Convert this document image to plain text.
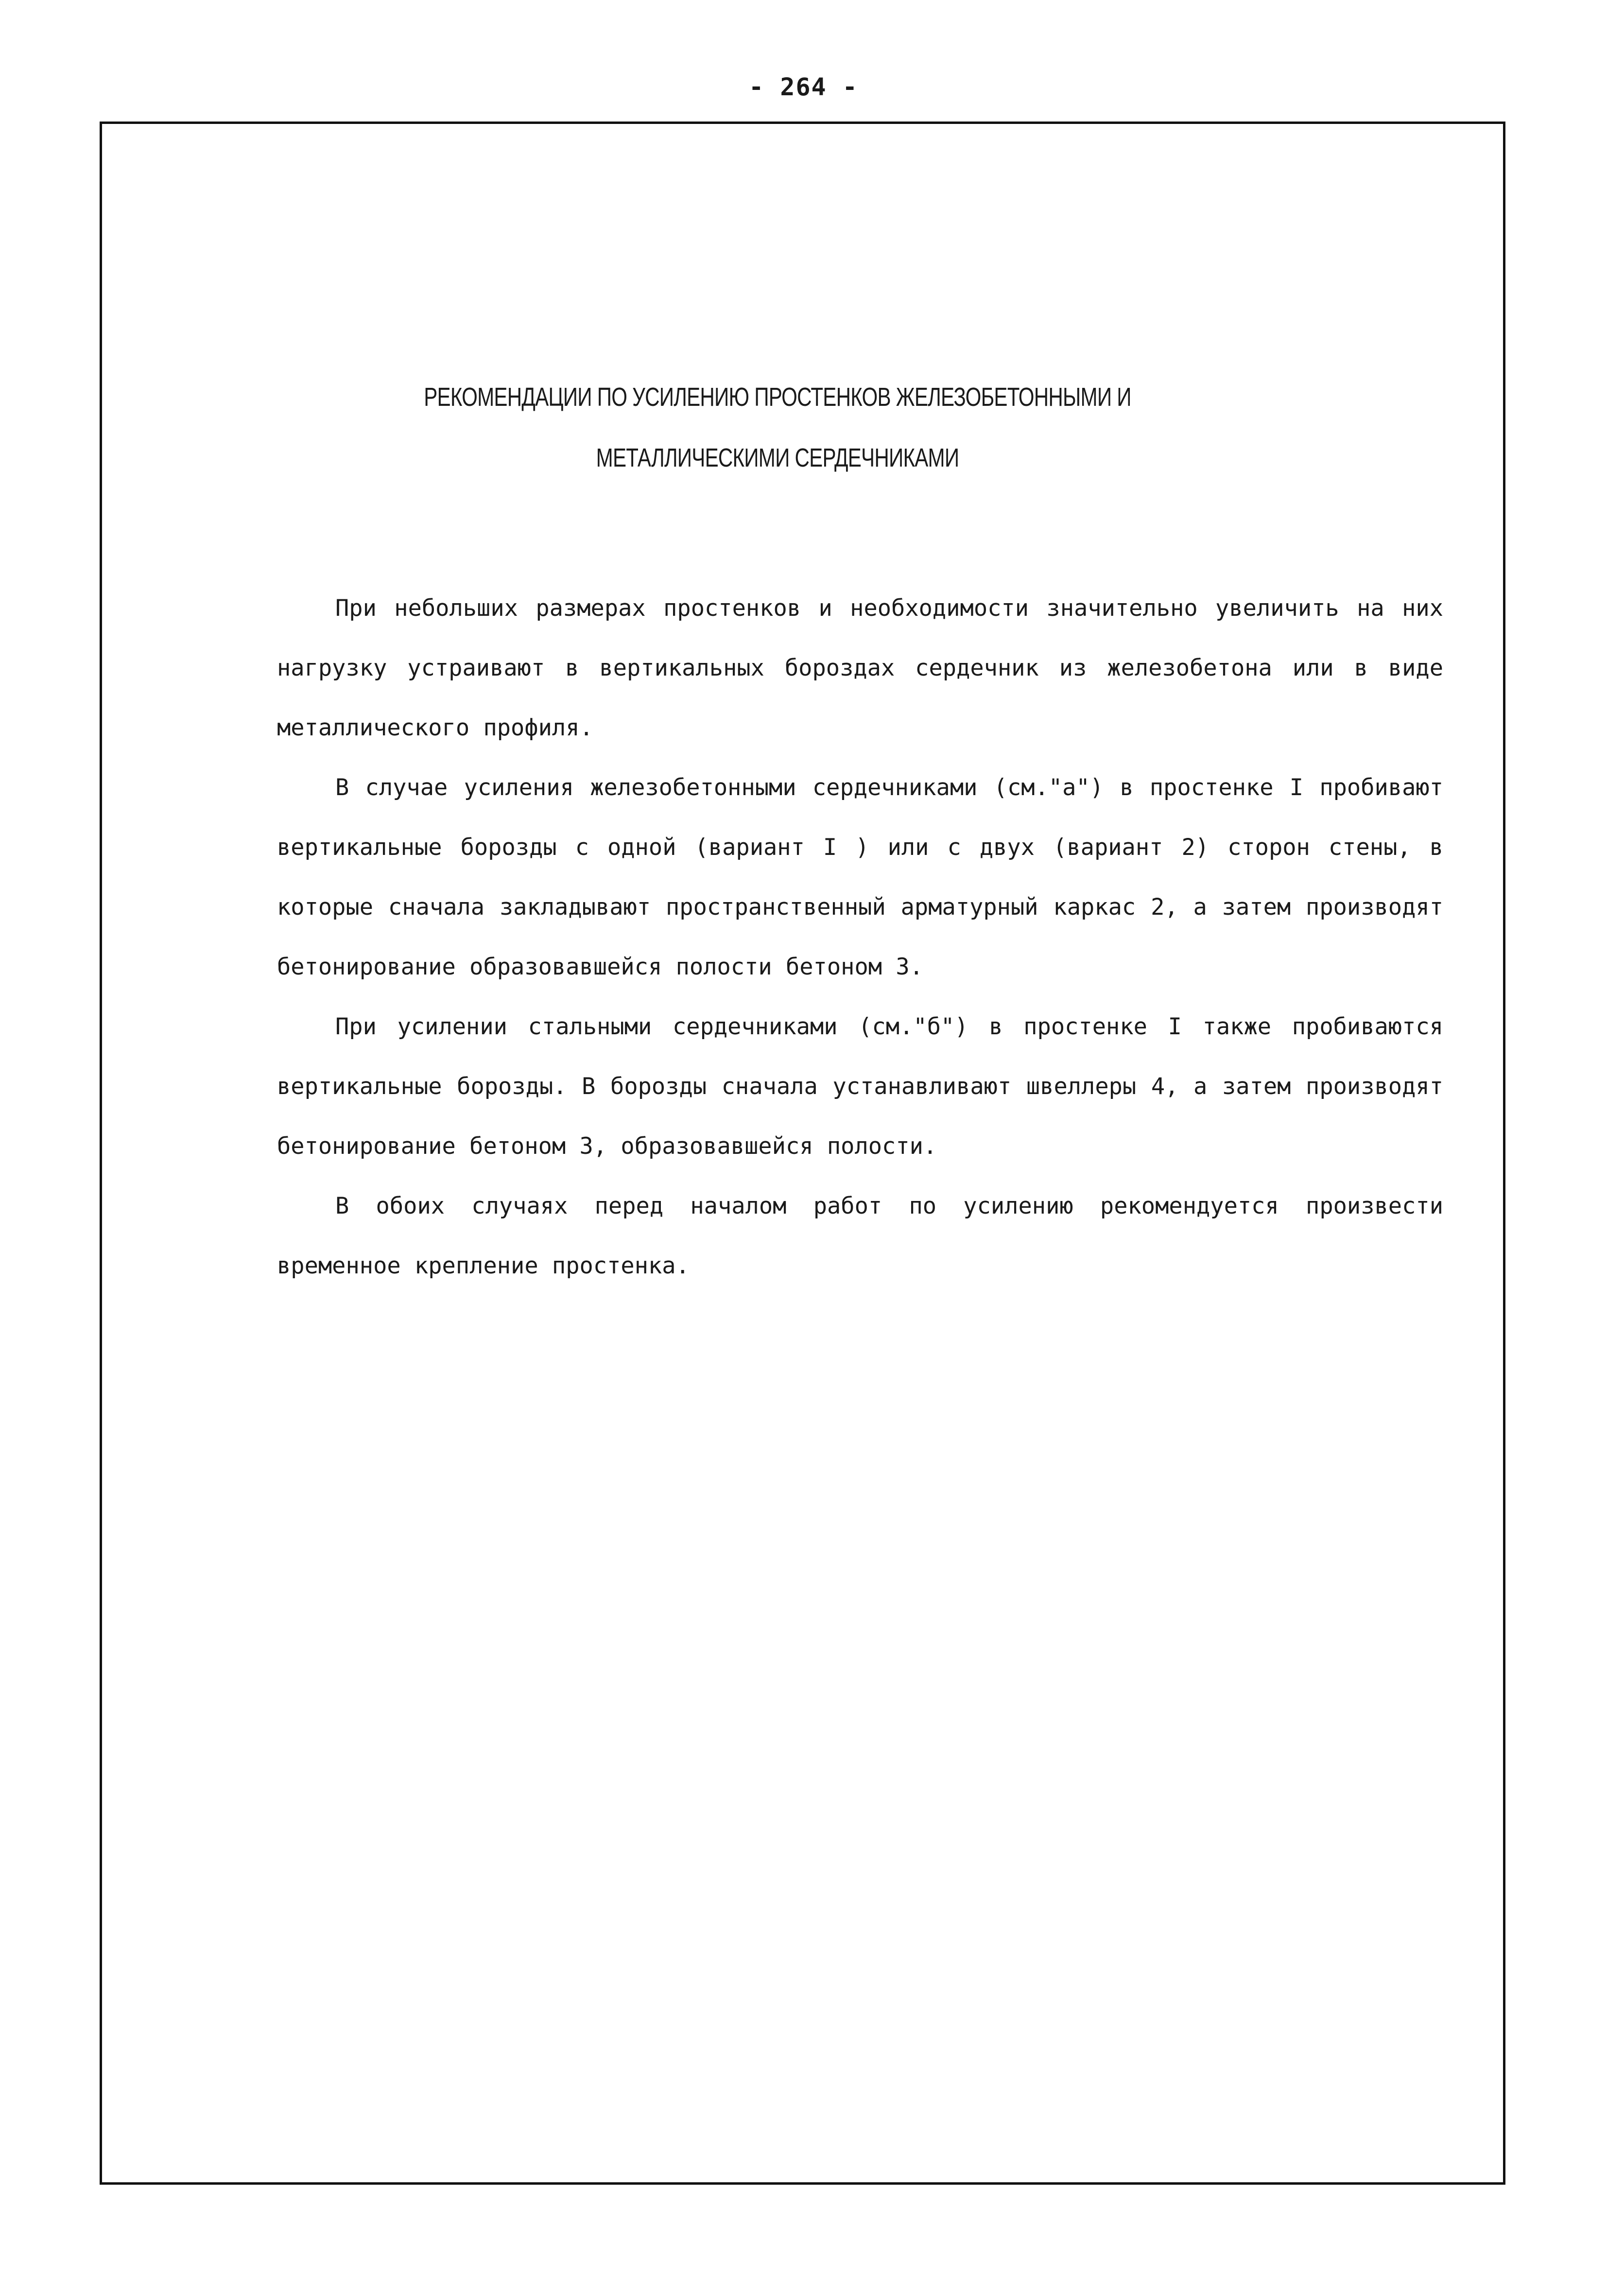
- 264 -
РЕКОМЕНДАЦИИ ПО УСИЛЕНИЮ ПРОСТЕНКОВ ЖЕЛЕЗОБЕТОННЫМИ И
МЕТАЛЛИЧЕСКИМИ СЕРДЕЧНИКАМИ

При небольших размерах простенков и необходимости значительно увеличить на них нагрузку устраивают в вертикальных бороздах сердечник из железобетона или в виде металлического профиля.

В случае усиления железобетонными сердечниками (см."а") в простенке I пробивают вертикальные борозды с одной (вариант I ) или с двух (вариант 2) сторон стены, в которые сначала закладывают пространственный арматурный каркас 2, а затем производят бетонирование образовавшейся полости бетоном 3.

При усилении стальными сердечниками (см."б") в простенке I также пробиваются вертикальные борозды. В борозды сначала устанавливают швеллеры 4, а затем производят бетонирование бетоном 3, образовавшейся полости.

В обоих случаях перед началом работ по усилению рекомендуется произвести временное крепление простенка.
